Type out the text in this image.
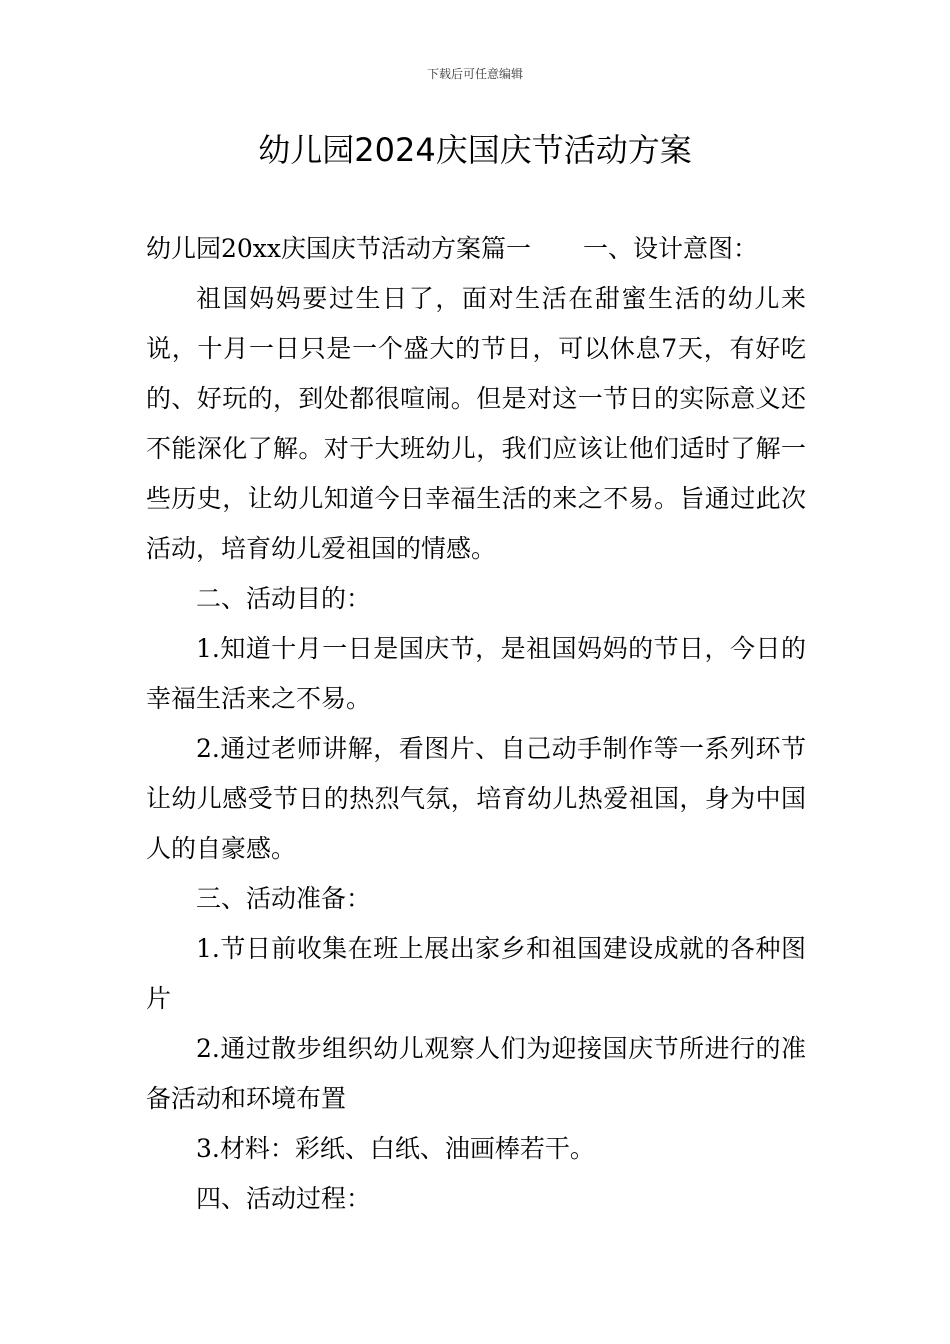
下载后可任意编辑
幼儿园2024庆国庆节活动方案

幼儿园20xx庆国庆节活动方案篇一 一、设计意图：

祖国妈妈要过生日了，面对生活在甜蜜生活的幼儿来说，十月一日只是一个盛大的节日，可以休息7天，有好吃的、好玩的，到处都很喧闹。但是对这一节日的实际意义还不能深化了解。对于大班幼儿，我们应该让他们适时了解一些历史，让幼儿知道今日幸福生活的来之不易。旨通过此次活动，培育幼儿爱祖国的情感。

二、活动目的：

1.知道十月一日是国庆节，是祖国妈妈的节日，今日的幸福生活来之不易。

2.通过老师讲解，看图片、自己动手制作等一系列环节让幼儿感受节日的热烈气氛，培育幼儿热爱祖国，身为中国人的自豪感。

三、活动准备：

1.节日前收集在班上展出家乡和祖国建设成就的各种图片

2.通过散步组织幼儿观察人们为迎接国庆节所进行的准备活动和环境布置

3.材料：彩纸、白纸、油画棒若干。

四、活动过程：
